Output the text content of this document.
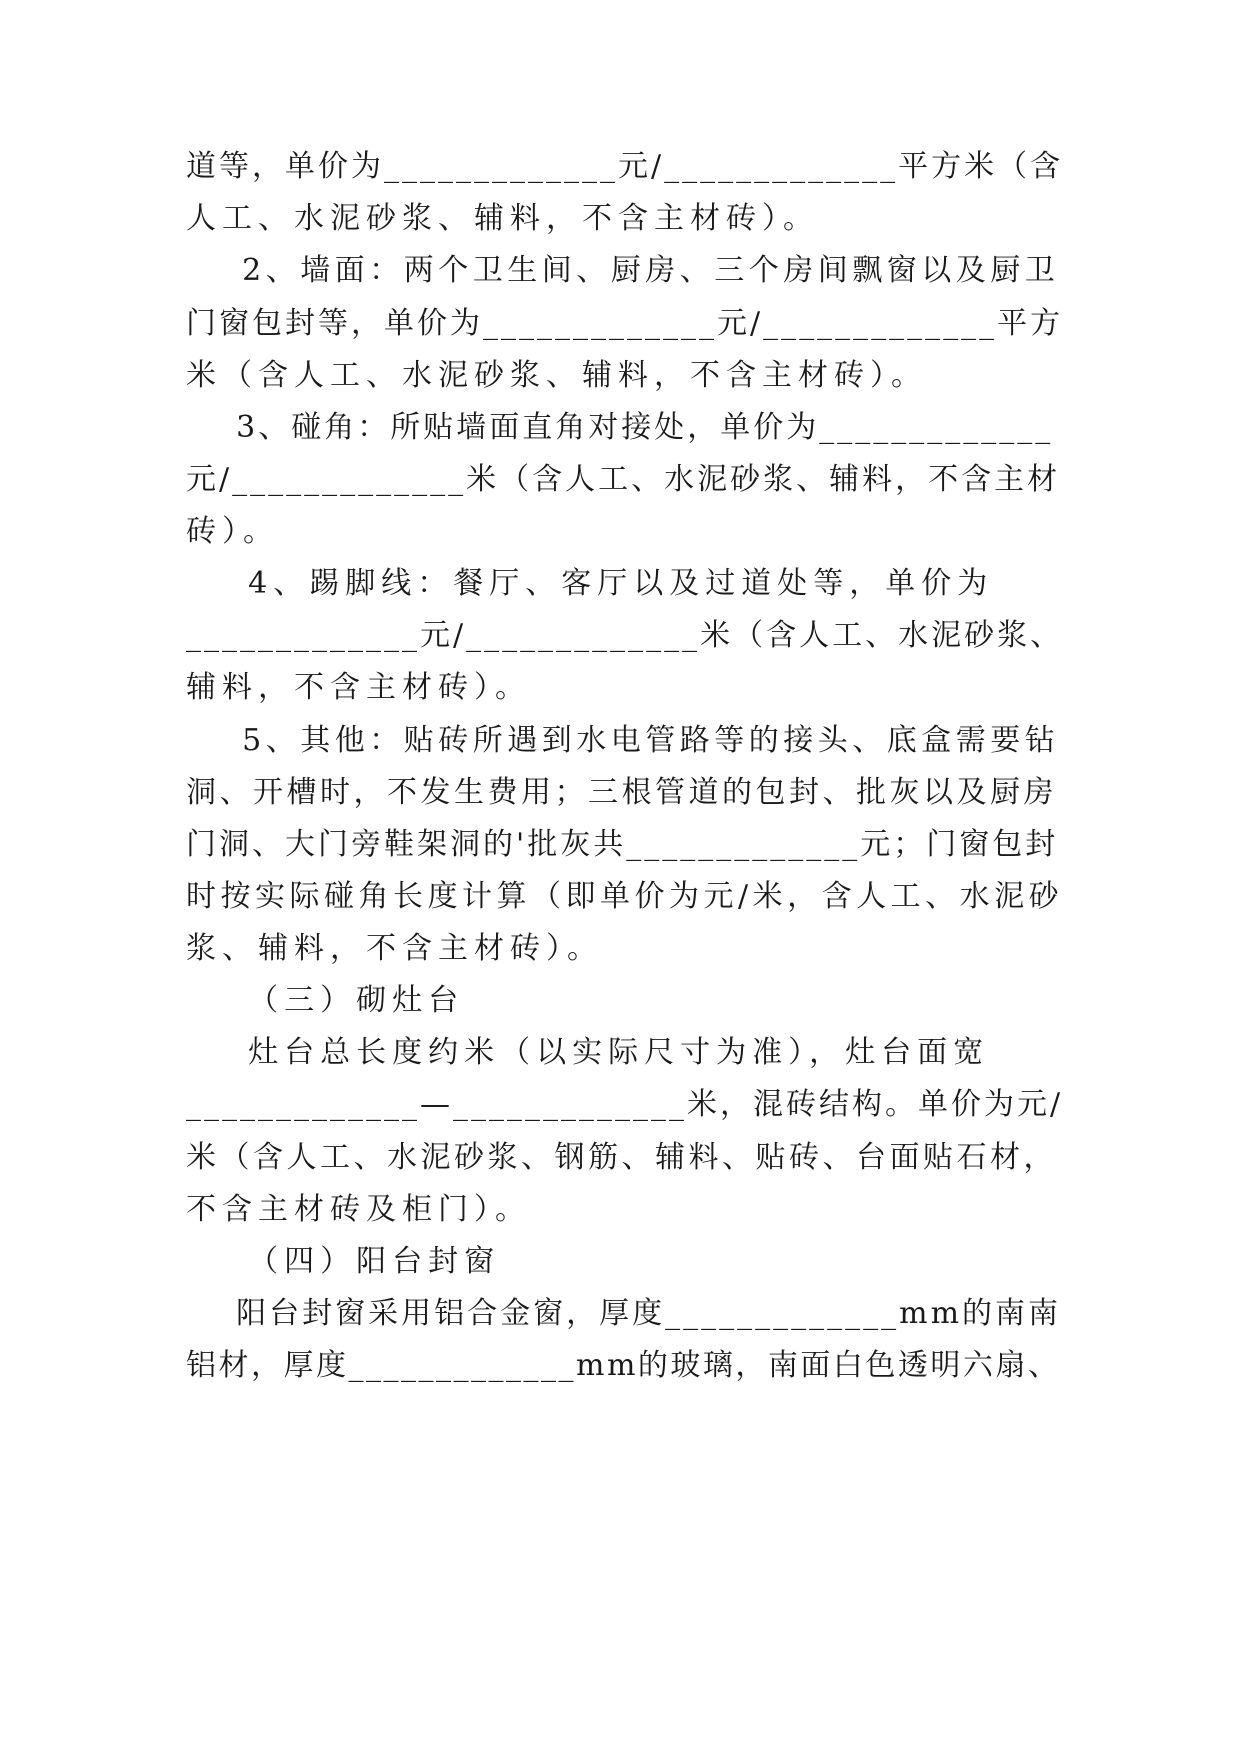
道等，单价为_____________元/_____________平方米（含
人工、水泥砂浆、辅料，不含主材砖）。
2、墙面：两个卫生间、厨房、三个房间飘窗以及厨卫
门窗包封等，单价为_____________元/_____________平方
米（含人工、水泥砂浆、辅料，不含主材砖）。
3、碰角：所贴墙面直角对接处，单价为_____________
元/_____________米（含人工、水泥砂浆、辅料，不含主材
砖）。
4、踢脚线：餐厅、客厅以及过道处等，单价为
_____________元/_____________米（含人工、水泥砂浆、
辅料，不含主材砖）。
5、其他：贴砖所遇到水电管路等的接头、底盒需要钻
洞、开槽时，不发生费用；三根管道的包封、批灰以及厨房
门洞、大门旁鞋架洞的'批灰共_____________元；门窗包封
时按实际碰角长度计算（即单价为元/米，含人工、水泥砂
浆、辅料，不含主材砖）。
（三）砌灶台
灶台总长度约米（以实际尺寸为准），灶台面宽
_____________—_____________米，混砖结构。单价为元/
米（含人工、水泥砂浆、钢筋、辅料、贴砖、台面贴石材，
不含主材砖及柜门）。
（四）阳台封窗
阳台封窗采用铝合金窗，厚度_____________mm的南南
铝材，厚度_____________mm的玻璃，南面白色透明六扇、
